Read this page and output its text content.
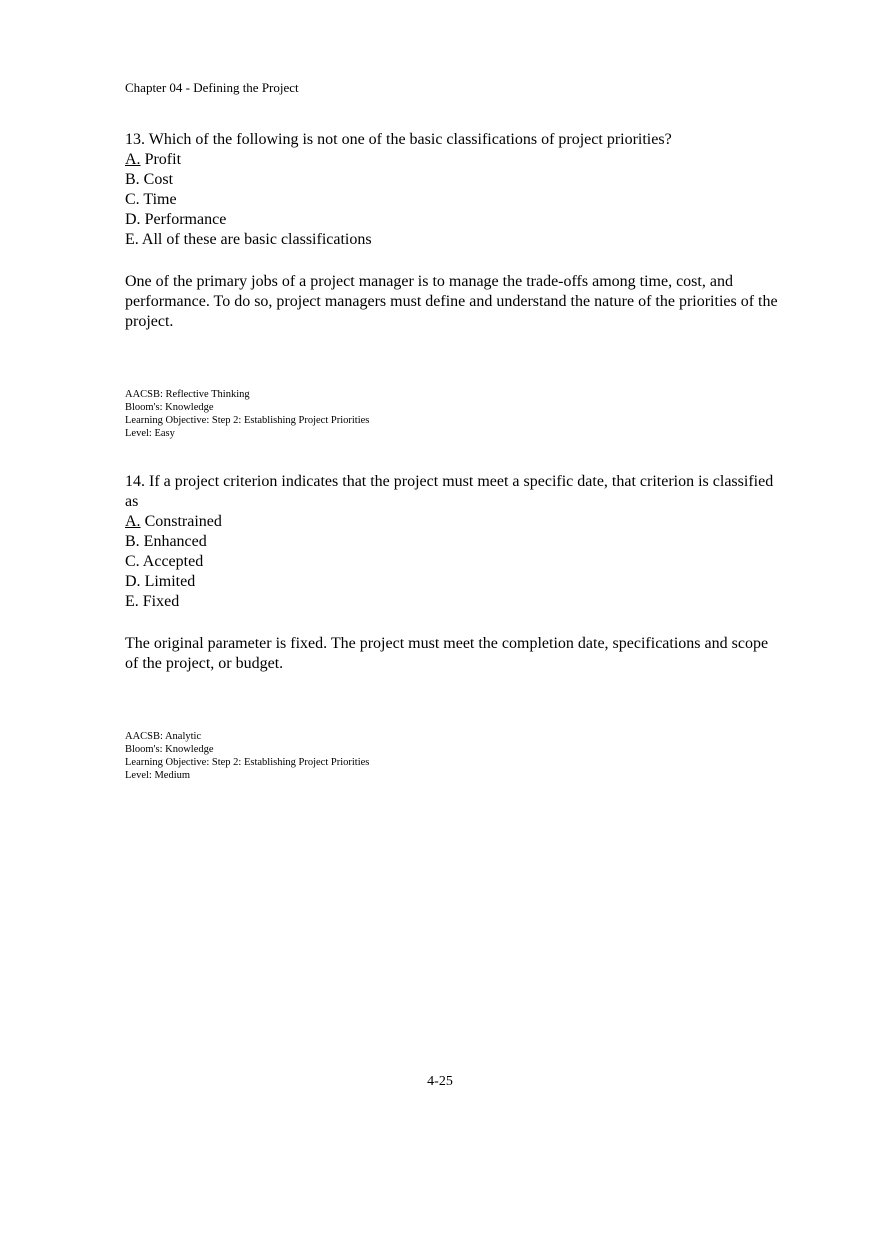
Chapter 04 - Defining the Project

13. Which of the following is not one of the basic classifications of project priorities?

A. Profit
B. Cost
C. Time
D. Performance
E. All of these are basic classifications

One of the primary jobs of a project manager is to manage the trade-offs among time, cost, and performance. To do so, project managers must define and understand the nature of the priorities of the project.

AACSB: Reflective Thinking
Bloom's: Knowledge
Learning Objective: Step 2: Establishing Project Priorities
Level: Easy

14. If a project criterion indicates that the project must meet a specific date, that criterion is classified as

A. Constrained
B. Enhanced
C. Accepted
D. Limited
E. Fixed

The original parameter is fixed. The project must meet the completion date, specifications and scope of the project, or budget.

AACSB: Analytic
Bloom's: Knowledge
Learning Objective: Step 2: Establishing Project Priorities
Level: Medium

4-25
